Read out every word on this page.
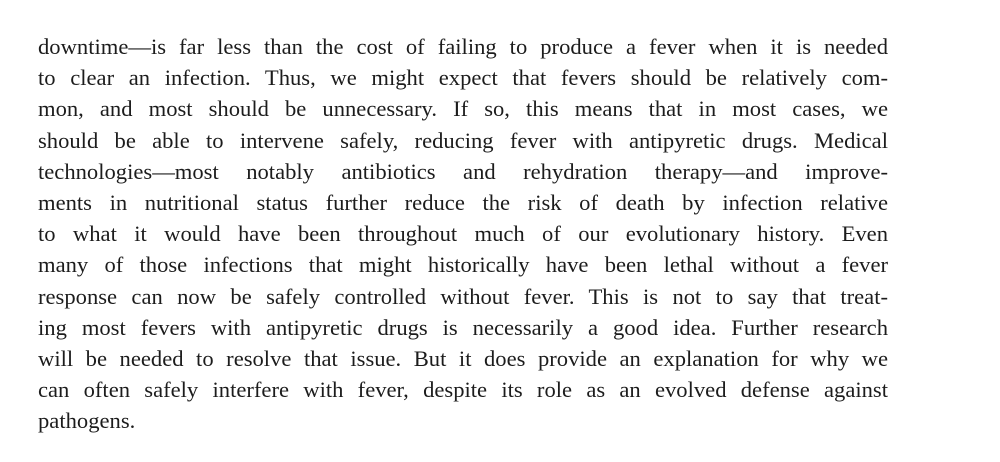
downtime—is far less than the cost of failing to produce a fever when it is needed
to clear an infection. Thus, we might expect that fevers should be relatively com-
mon, and most should be unnecessary. If so, this means that in most cases, we
should be able to intervene safely, reducing fever with antipyretic drugs. Medical
technologies—most notably antibiotics and rehydration therapy—and improve-
ments in nutritional status further reduce the risk of death by infection relative
to what it would have been throughout much of our evolutionary history. Even
many of those infections that might historically have been lethal without a fever
response can now be safely controlled without fever. This is not to say that treat-
ing most fevers with antipyretic drugs is necessarily a good idea. Further research
will be needed to resolve that issue. But it does provide an explanation for why we
can often safely interfere with fever, despite its role as an evolved defense against
pathogens.
